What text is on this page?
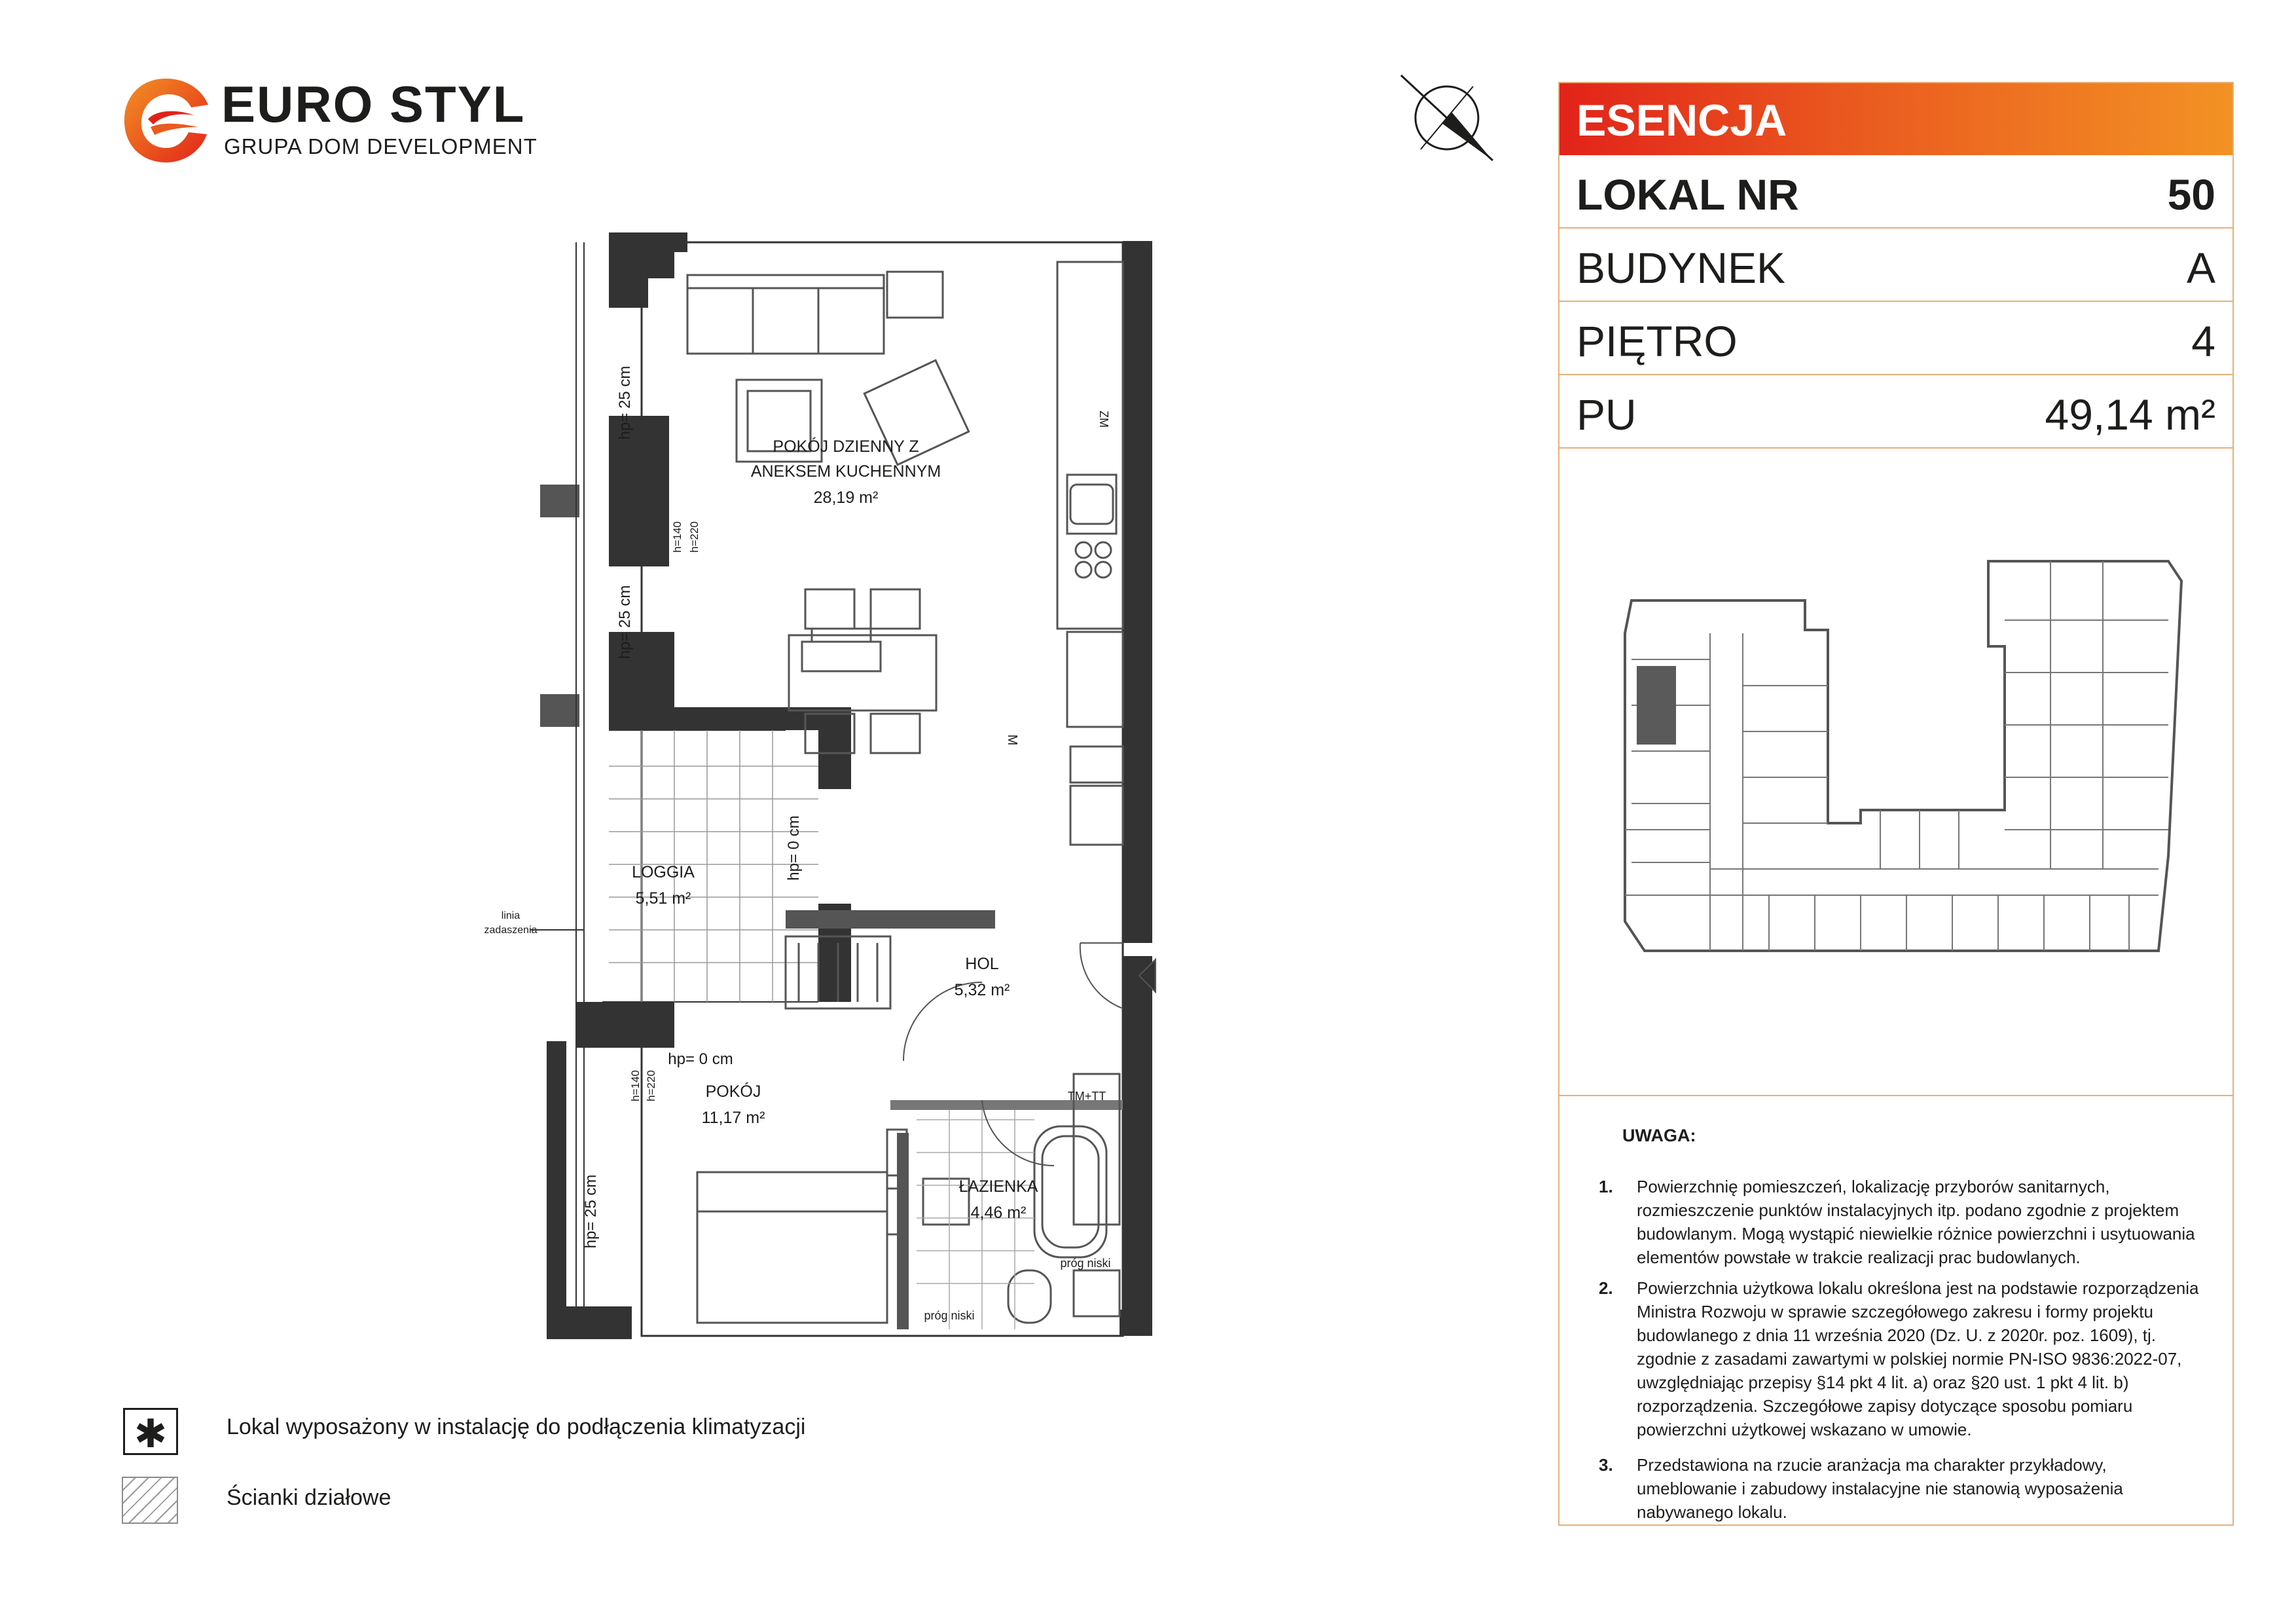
EURO STYL
GRUPA DOM DEVELOPMENT
ESENCJA
LOKAL NR	50
BUDYNEK	A
PIĘTRO	4
PU	49,14 m²
UWAGA:
1. Powierzchnię pomieszczeń, lokalizację przyborów sanitarnych, rozmieszczenie punktów instalacyjnych itp. podano zgodnie z projektem budowlanym. Mogą wystąpić niewielkie różnice powierzchni i usytuowania elementów powstałe w trakcie realizacji prac budowlanych.
2. Powierzchnia użytkowa lokalu określona jest na podstawie rozporządzenia Ministra Rozwoju w sprawie szczegółowego zakresu i formy projektu budowlanego z dnia 11 września 2020 (Dz. U. z 2020r. poz. 1609), tj. zgodnie z zasadami zawartymi w polskiej normie PN-ISO 9836:2022-07, uwzględniając przepisy §14 pkt 4 lit. a) oraz §20 ust. 1 pkt 4 lit. b) rozporządzenia. Szczegółowe zapisy dotyczące sposobu pomiaru powierzchni użytkowej wskazano w umowie.
3. Przedstawiona na rzucie aranżacja ma charakter przykładowy, umeblowanie i zabudowy instalacyjne nie stanowią wyposażenia nabywanego lokalu.
✱	Lokal wyposażony w instalację do podłączenia klimatyzacji
Ścianki działowe
POKÓJ DZIENNY Z
ANEKSEM KUCHENNYM
28,19 m²
LOGGIA
5,51 m²
HOL
5,32 m²
POKÓJ
11,17 m²
ŁAZIENKA
4,46 m²
hp= 25 cm
hp= 25 cm
hp= 0 cm
hp= 0 cm
hp= 25 cm
h=140 h=220
h=140 h=220
ZM
M
TM+TT
próg niski
próg niski
linia
zadaszenia
